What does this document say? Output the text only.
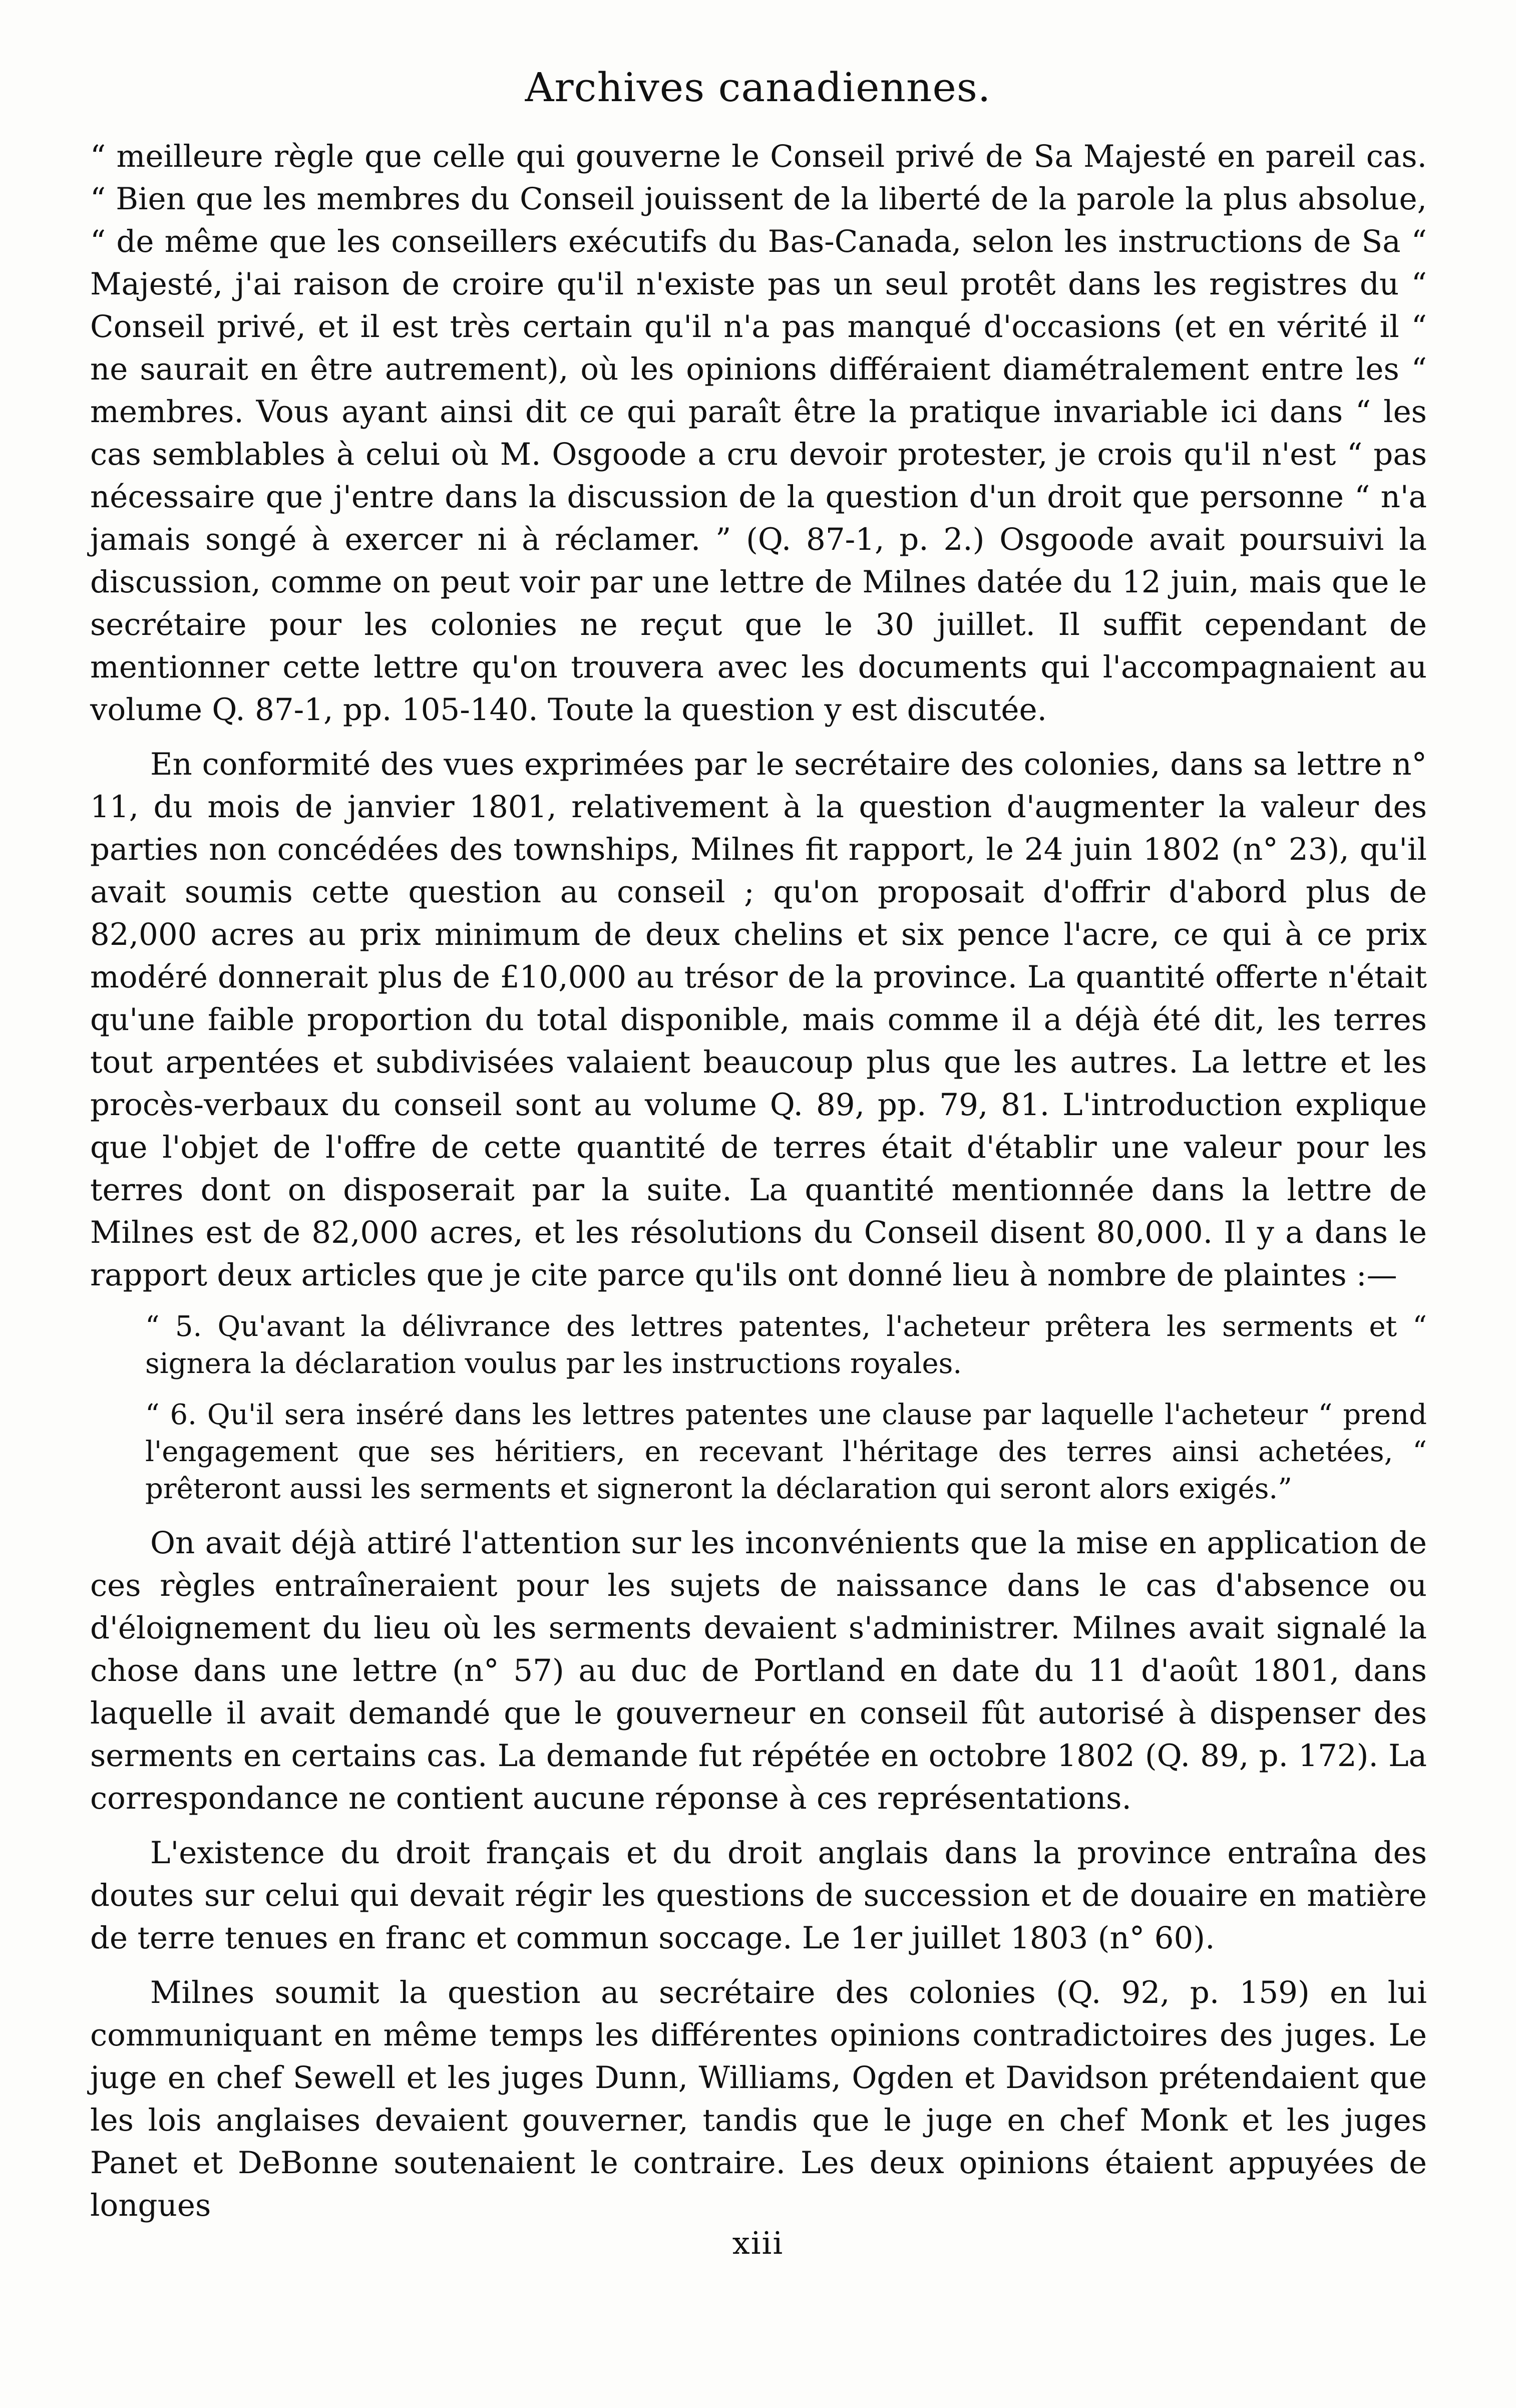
Archives canadiennes.

“ meilleure règle que celle qui gouverne le Conseil privé de Sa Majesté en pareil cas. “ Bien que les membres du Conseil jouissent de la liberté de la parole la plus absolue, “ de même que les conseillers exécutifs du Bas-Canada, selon les instructions de Sa “ Majesté, j'ai raison de croire qu'il n'existe pas un seul protêt dans les registres du “ Conseil privé, et il est très certain qu'il n'a pas manqué d'occasions (et en vérité il “ ne saurait en être autrement), où les opinions différaient diamétralement entre les “ membres. Vous ayant ainsi dit ce qui paraît être la pratique invariable ici dans “ les cas semblables à celui où M. Osgoode a cru devoir protester, je crois qu'il n'est “ pas nécessaire que j'entre dans la discussion de la question d'un droit que personne “ n'a jamais songé à exercer ni à réclamer. ” (Q. 87-1, p. 2.) Osgoode avait poursuivi la discussion, comme on peut voir par une lettre de Milnes datée du 12 juin, mais que le secrétaire pour les colonies ne reçut que le 30 juillet. Il suffit cependant de mentionner cette lettre qu'on trouvera avec les documents qui l'accompagnaient au volume Q. 87-1, pp. 105-140. Toute la question y est discutée.

En conformité des vues exprimées par le secrétaire des colonies, dans sa lettre n° 11, du mois de janvier 1801, relativement à la question d'augmenter la valeur des parties non concédées des townships, Milnes fit rapport, le 24 juin 1802 (n° 23), qu'il avait soumis cette question au conseil ; qu'on proposait d'offrir d'abord plus de 82,000 acres au prix minimum de deux chelins et six pence l'acre, ce qui à ce prix modéré donnerait plus de £10,000 au trésor de la province. La quantité offerte n'était qu'une faible proportion du total disponible, mais comme il a déjà été dit, les terres tout arpentées et subdivisées valaient beaucoup plus que les autres. La lettre et les procès-verbaux du conseil sont au volume Q. 89, pp. 79, 81. L'introduction explique que l'objet de l'offre de cette quantité de terres était d'établir une valeur pour les terres dont on disposerait par la suite. La quantité mentionnée dans la lettre de Milnes est de 82,000 acres, et les résolutions du Conseil disent 80,000. Il y a dans le rapport deux articles que je cite parce qu'ils ont donné lieu à nombre de plaintes :—

“ 5. Qu'avant la délivrance des lettres patentes, l'acheteur prêtera les serments et “ signera la déclaration voulus par les instructions royales.

“ 6. Qu'il sera inséré dans les lettres patentes une clause par laquelle l'acheteur “ prend l'engagement que ses héritiers, en recevant l'héritage des terres ainsi achetées, “ prêteront aussi les serments et signeront la déclaration qui seront alors exigés.”

On avait déjà attiré l'attention sur les inconvénients que la mise en application de ces règles entraîneraient pour les sujets de naissance dans le cas d'absence ou d'éloignement du lieu où les serments devaient s'administrer. Milnes avait signalé la chose dans une lettre (n° 57) au duc de Portland en date du 11 d'août 1801, dans laquelle il avait demandé que le gouverneur en conseil fût autorisé à dispenser des serments en certains cas. La demande fut répétée en octobre 1802 (Q. 89, p. 172). La correspondance ne contient aucune réponse à ces représentations.

L'existence du droit français et du droit anglais dans la province entraîna des doutes sur celui qui devait régir les questions de succession et de douaire en matière de terre tenues en franc et commun soccage. Le 1er juillet 1803 (n° 60).

Milnes soumit la question au secrétaire des colonies (Q. 92, p. 159) en lui communiquant en même temps les différentes opinions contradictoires des juges. Le juge en chef Sewell et les juges Dunn, Williams, Ogden et Davidson prétendaient que les lois anglaises devaient gouverner, tandis que le juge en chef Monk et les juges Panet et DeBonne soutenaient le contraire. Les deux opinions étaient appuyées de longues

xiii
